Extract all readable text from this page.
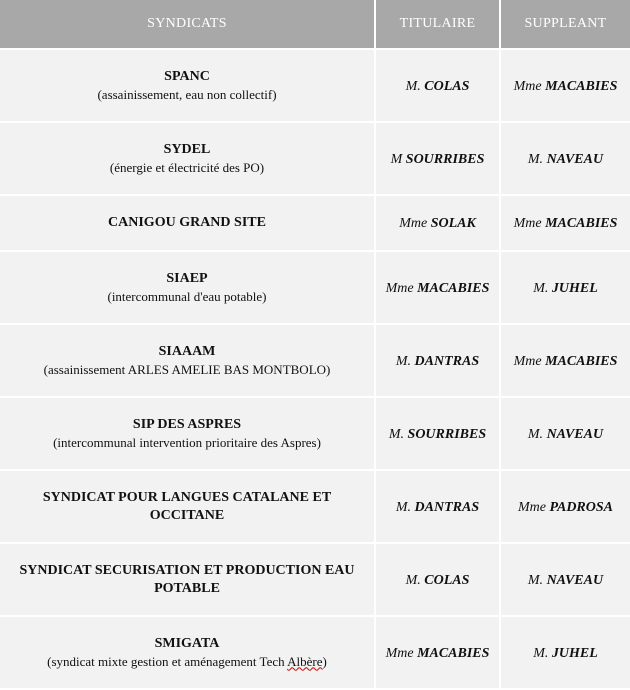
SYNDICATS	TITULAIRE	SUPPLEANT

SPANC
(assainissement, eau non collectif)	M. COLAS	Mme MACABIES

SYDEL
(énergie et électricité des PO)	M SOURRIBES	M. NAVEAU

CANIGOU GRAND SITE	Mme SOLAK	Mme MACABIES

SIAEP
(intercommunal d'eau potable)	Mme MACABIES	M. JUHEL

SIAAAM
(assainissement ARLES AMELIE BAS MONTBOLO)	M. DANTRAS	Mme MACABIES

SIP DES ASPRES
(intercommunal intervention prioritaire des Aspres)	M. SOURRIBES	M. NAVEAU

SYNDICAT POUR LANGUES CATALANE ET OCCITANE	M. DANTRAS	Mme PADROSA

SYNDICAT SECURISATION ET PRODUCTION EAU POTABLE	M. COLAS	M. NAVEAU

SMIGATA
(syndicat mixte gestion et aménagement Tech Albère)	Mme MACABIES	M. JUHEL
